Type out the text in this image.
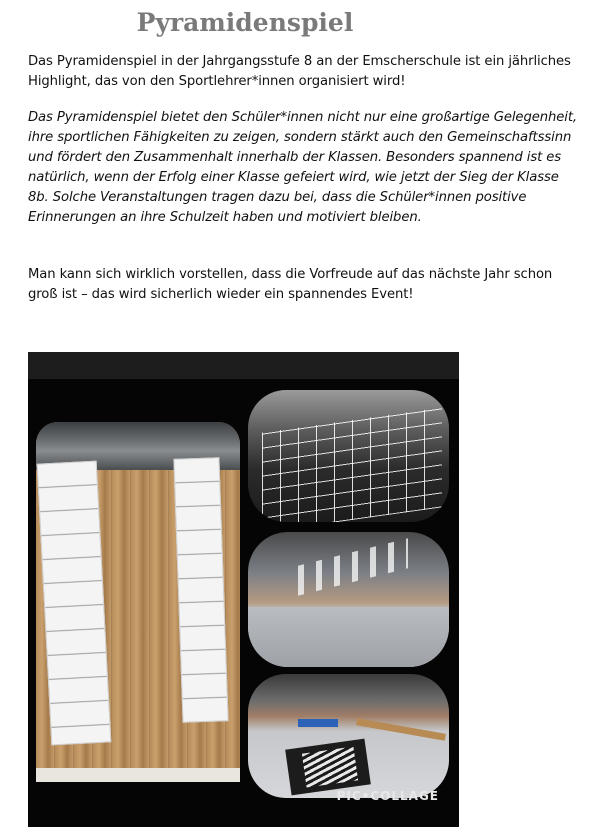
Pyramidenspiel

Das Pyramidenspiel in der Jahrgangsstufe 8 an der Emscherschule ist ein jährliches Highlight, das von den Sportlehrer*innen organisiert wird!

Das Pyramidenspiel bietet den Schüler*innen nicht nur eine großartige Gelegenheit, ihre sportlichen Fähigkeiten zu zeigen, sondern stärkt auch den Gemeinschaftssinn und fördert den Zusammenhalt innerhalb der Klassen. Besonders spannend ist es natürlich, wenn der Erfolg einer Klasse gefeiert wird, wie jetzt der Sieg der Klasse 8b. Solche Veranstaltungen tragen dazu bei, dass die Schüler*innen positive Erinnerungen an ihre Schulzeit haben und motiviert bleiben.

Man kann sich wirklich vorstellen, dass die Vorfreude auf das nächste Jahr schon groß ist – das wird sicherlich wieder ein spannendes Event!

PIC•COLLAGE
